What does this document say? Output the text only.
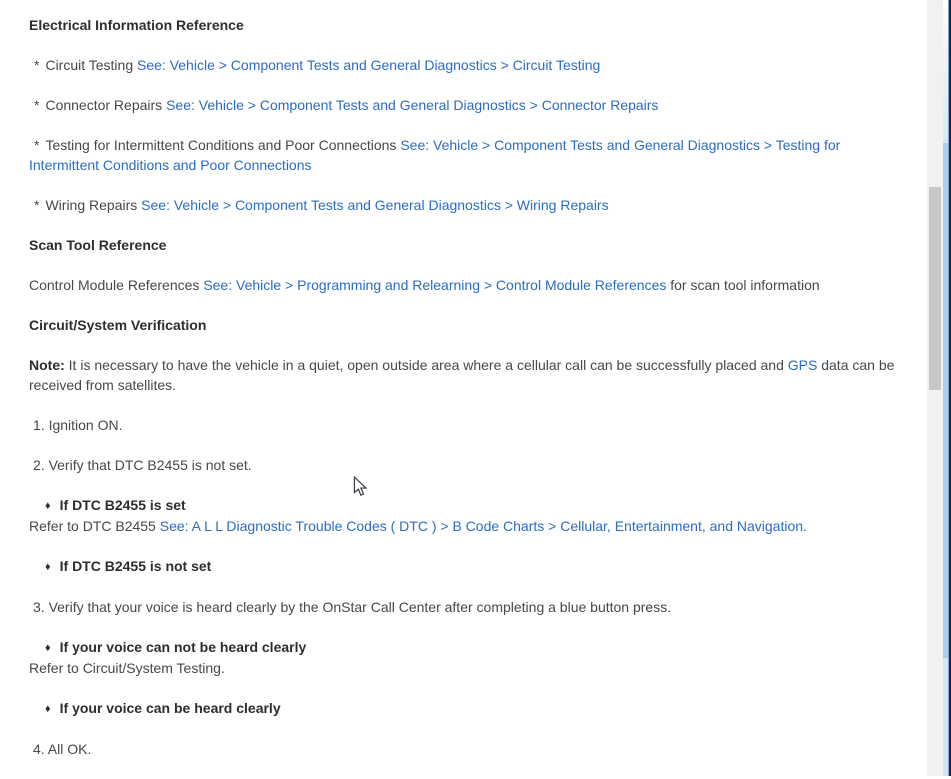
Electrical Information Reference

* Circuit Testing See: Vehicle > Component Tests and General Diagnostics > Circuit Testing

* Connector Repairs See: Vehicle > Component Tests and General Diagnostics > Connector Repairs

* Testing for Intermittent Conditions and Poor Connections See: Vehicle > Component Tests and General Diagnostics > Testing for Intermittent Conditions and Poor Connections

* Wiring Repairs See: Vehicle > Component Tests and General Diagnostics > Wiring Repairs

Scan Tool Reference

Control Module References See: Vehicle > Programming and Relearning > Control Module References for scan tool information

Circuit/System Verification

Note: It is necessary to have the vehicle in a quiet, open outside area where a cellular call can be successfully placed and GPS data can be received from satellites.

1. Ignition ON.

2. Verify that DTC B2455 is not set.

♦ If DTC B2455 is set

Refer to DTC B2455 See: A L L Diagnostic Trouble Codes ( DTC ) > B Code Charts > Cellular, Entertainment, and Navigation.

♦ If DTC B2455 is not set

3. Verify that your voice is heard clearly by the OnStar Call Center after completing a blue button press.

♦ If your voice can not be heard clearly

Refer to Circuit/System Testing.

♦ If your voice can be heard clearly

4. All OK.
